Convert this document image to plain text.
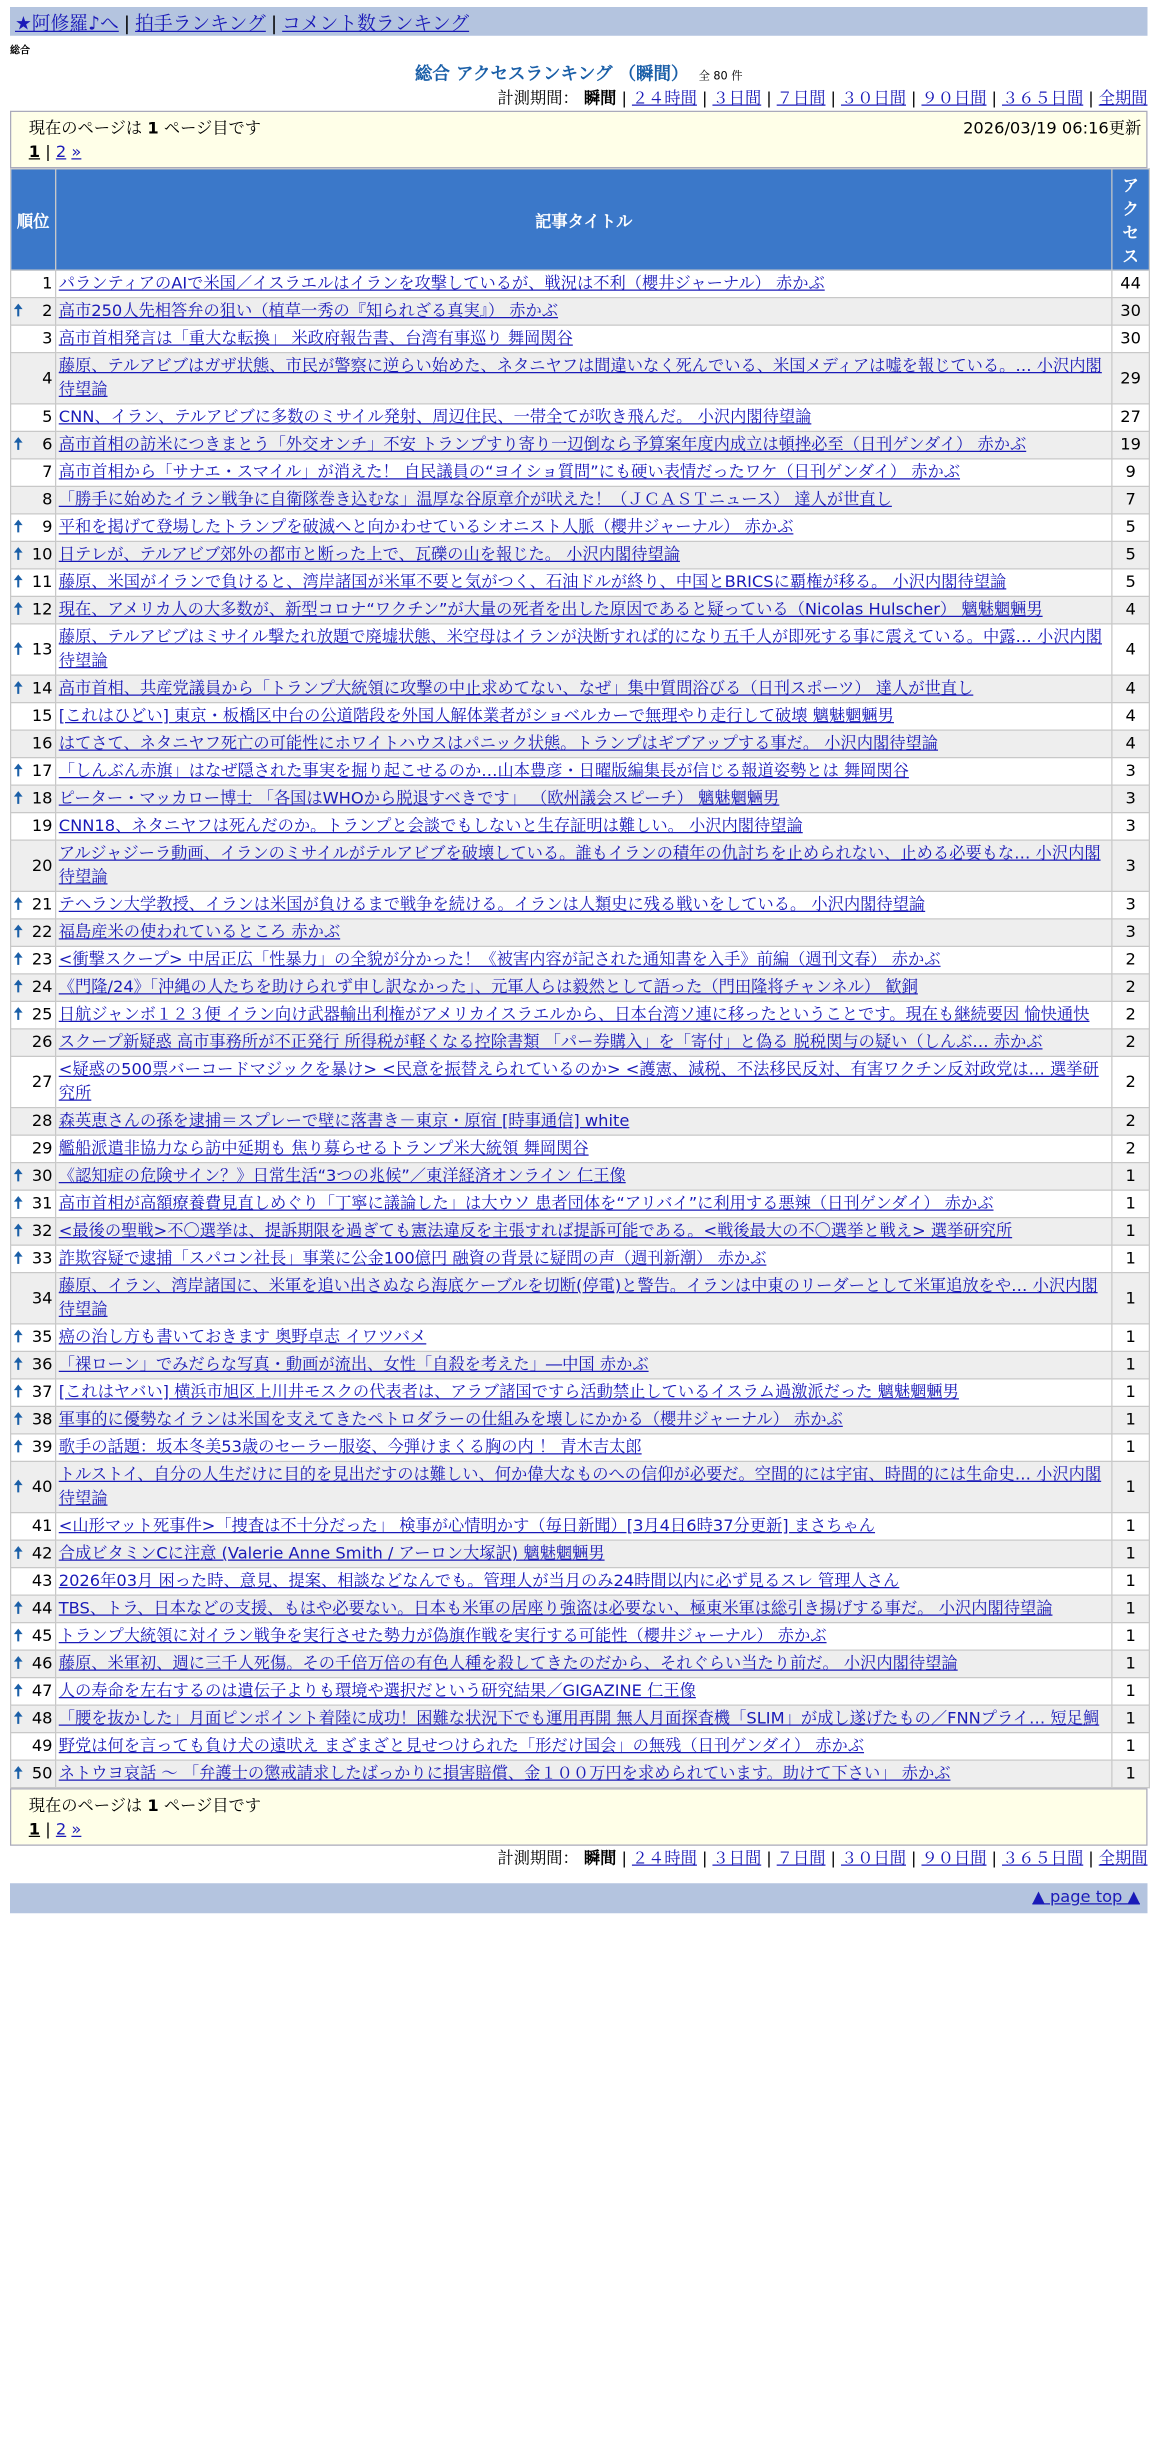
★阿修羅♪へ | 拍手ランキング | コメント数ランキング
総合
総合 アクセスランキング （瞬間） 全 80 件
計測期間： 瞬間 | ２４時間 | ３日間 | ７日間 | ３０日間 | ９０日間 | ３６５日間 | 全期間
現在のページは 1 ページ目です	2026/03/19 06:16更新
1 | 2 »
順位	記事タイトル	アクセス
1	パランティアのAIで米国／イスラエルはイランを攻撃しているが、戦況は不利（櫻井ジャーナル） 赤かぶ	44

🠅 2	高市250人先相答弁の狙い（植草一秀の『知られざる真実』） 赤かぶ	30
3	高市首相発言は「重大な転換」 米政府報告書、台湾有事巡り 舞岡関谷	30
4	藤原、テルアビブはガザ状態、市民が警察に逆らい始めた、ネタニヤフは間違いなく死んでいる、米国メディアは嘘を報じている。… 小沢内閣待望論	29
5	CNN、イラン、テルアビブに多数のミサイル発射、周辺住民、一帯全てが吹き飛んだ。 小沢内閣待望論	27

🠅 6	高市首相の訪米につきまとう「外交オンチ」不安 トランプすり寄り一辺倒なら予算案年度内成立は頓挫必至（日刊ゲンダイ） 赤かぶ	19
7	高市首相から「サナエ・スマイル」が消えた！ 自民議員の“ヨイショ質問”にも硬い表情だったワケ（日刊ゲンダイ） 赤かぶ	9
8	「勝手に始めたイラン戦争に自衛隊巻き込むな」温厚な谷原章介が吠えた！（ＪＣＡＳＴニュース） 達人が世直し	7

🠅 9	平和を掲げて登場したトランプを破滅へと向かわせているシオニスト人脈（櫻井ジャーナル） 赤かぶ	5

🠅 10	日テレが、テルアビブ郊外の都市と断った上で、瓦礫の山を報じた。 小沢内閣待望論	5

🠅 11	藤原、米国がイランで負けると、湾岸諸国が米軍不要と気がつく、石油ドルが終り、中国とBRICSに覇権が移る。 小沢内閣待望論	5

🠅 12	現在、アメリカ人の大多数が、新型コロナ“ワクチン”が大量の死者を出した原因であると疑っている（Nicolas Hulscher） 魑魅魍魎男	4

🠅 13	藤原、テルアビブはミサイル撃たれ放題で廃墟状態、米空母はイランが決断すれば的になり五千人が即死する事に震えている。中露… 小沢内閣待望論	4

🠅 14	高市首相、共産党議員から「トランプ大統領に攻撃の中止求めてない、なぜ」集中質問浴びる（日刊スポーツ） 達人が世直し	4
15	[これはひどい] 東京・板橋区中台の公道階段を外国人解体業者がショベルカーで無理やり走行して破壊 魑魅魍魎男	4
16	はてさて、ネタニヤフ死亡の可能性にホワイトハウスはパニック状態。トランプはギブアップする事だ。 小沢内閣待望論	4

🠅 17	「しんぶん赤旗」はなぜ隠された事実を掘り起こせるのか…山本豊彦・日曜版編集長が信じる報道姿勢とは 舞岡関谷	3

🠅 18	ピーター・マッカロー博士 「各国はWHOから脱退すべきです」 （欧州議会スピーチ） 魑魅魍魎男	3
19	CNN18、ネタニヤフは死んだのか。トランプと会談でもしないと生存証明は難しい。 小沢内閣待望論	3
20	アルジャジーラ動画、イランのミサイルがテルアビブを破壊している。誰もイランの積年の仇討ちを止められない、止める必要もな… 小沢内閣待望論	3

🠅 21	テヘラン大学教授、イランは米国が負けるまで戦争を続ける。イランは人類史に残る戦いをしている。 小沢内閣待望論	3

🠅 22	福島産米の使われているところ 赤かぶ	3

🠅 23	<衝撃スクープ> 中居正広「性暴力」の全貌が分かった！《被害内容が記された通知書を入手》前編（週刊文春） 赤かぶ	2

🠅 24	《門隆/24》「沖縄の人たちを助けられず申し訳なかった」、元軍人らは毅然として語った（門田隆将チャンネル） 歓銅	2

🠅 25	日航ジャンボ１２３便 イラン向け武器輸出利権がアメリカイスラエルから、日本台湾ソ連に移ったということです。現在も継続要因 愉快通快	2
26	スクープ新疑惑 高市事務所が不正発行 所得税が軽くなる控除書類 「パー券購入」を「寄付」と偽る 脱税関与の疑い（しんぶ… 赤かぶ	2
27	<疑惑の500票バーコードマジックを暴け> <民意を振替えられているのか> <護憲、減税、不法移民反対、有害ワクチン反対政党は… 選挙研究所	2
28	森英恵さんの孫を逮捕＝スプレーで壁に落書き－東京・原宿 [時事通信] white	2
29	艦船派遣非協力なら訪中延期も 焦り募らせるトランプ米大統領 舞岡関谷	2

🠅 30	《認知症の危険サイン？》日常生活“3つの兆候”／東洋経済オンライン 仁王像	1

🠅 31	高市首相が高額療養費見直しめぐり「丁寧に議論した」は大ウソ 患者団体を“アリバイ”に利用する悪辣（日刊ゲンダイ） 赤かぶ	1

🠅 32	<最後の聖戦>不〇選挙は、提訴期限を過ぎても憲法違反を主張すれば提訴可能である。<戦後最大の不〇選挙と戦え> 選挙研究所	1

🠅 33	詐欺容疑で逮捕「スパコン社長」事業に公金100億円 融資の背景に疑問の声（週刊新潮） 赤かぶ	1
34	藤原、イラン、湾岸諸国に、米軍を追い出さぬなら海底ケーブルを切断(停電)と警告。イランは中東のリーダーとして米軍追放をや… 小沢内閣待望論	1

🠅 35	癌の治し方も書いておきます 奥野卓志 イワツバメ	1

🠅 36	「裸ローン」でみだらな写真・動画が流出、女性「自殺を考えた」―中国 赤かぶ	1

🠅 37	[これはヤバい] 横浜市旭区上川井モスクの代表者は、アラブ諸国ですら活動禁止しているイスラム過激派だった 魑魅魍魎男	1

🠅 38	軍事的に優勢なイランは米国を支えてきたペトロダラーの仕組みを壊しにかかる（櫻井ジャーナル） 赤かぶ	1

🠅 39	歌手の話題：坂本冬美53歳のセーラー服姿、今弾けまくる胸の内 ！ 青木吉太郎	1

🠅 40	トルストイ、自分の人生だけに目的を見出だすのは難しい、何か偉大なものへの信仰が必要だ。空間的には宇宙、時間的には生命史… 小沢内閣待望論	1
41	<山形マット死事件>「捜査は不十分だった」 検事が心情明かす（毎日新聞）[3月4日6時37分更新] まさちゃん	1

🠅 42	合成ビタミンCに注意 (Valerie Anne Smith / アーロン大塚訳) 魑魅魍魎男	1
43	2026年03月 困った時、意見、提案、相談などなんでも。管理人が当月のみ24時間以内に必ず見るスレ 管理人さん	1

🠅 44	TBS、トラ、日本などの支援、もはや必要ない。日本も米軍の居座り強盗は必要ない、極東米軍は総引き揚げする事だ。 小沢内閣待望論	1

🠅 45	トランプ大統領に対イラン戦争を実行させた勢力が偽旗作戦を実行する可能性（櫻井ジャーナル） 赤かぶ	1

🠅 46	藤原、米軍初、週に三千人死傷。その千倍万倍の有色人種を殺してきたのだから、それぐらい当たり前だ。 小沢内閣待望論	1

🠅 47	人の寿命を左右するのは遺伝子よりも環境や選択だという研究結果／GIGAZINE 仁王像	1

🠅 48	「腰を抜かした」月面ピンポイント着陸に成功！困難な状況下でも運用再開 無人月面探査機「SLIM」が成し遂げたもの／FNNプライ… 短足鯛	1
49	野党は何を言っても負け犬の遠吠え まざまざと見せつけられた「形だけ国会」の無残（日刊ゲンダイ） 赤かぶ	1

🠅 50	ネトウヨ哀話 〜 「弁護士の懲戒請求したばっかりに損害賠償、金１００万円を求められています。助けて下さい」 赤かぶ	1
現在のページは 1 ページ目です
1 | 2 »
計測期間： 瞬間 | ２４時間 | ３日間 | ７日間 | ３０日間 | ９０日間 | ３６５日間 | 全期間
▲ page top ▲
